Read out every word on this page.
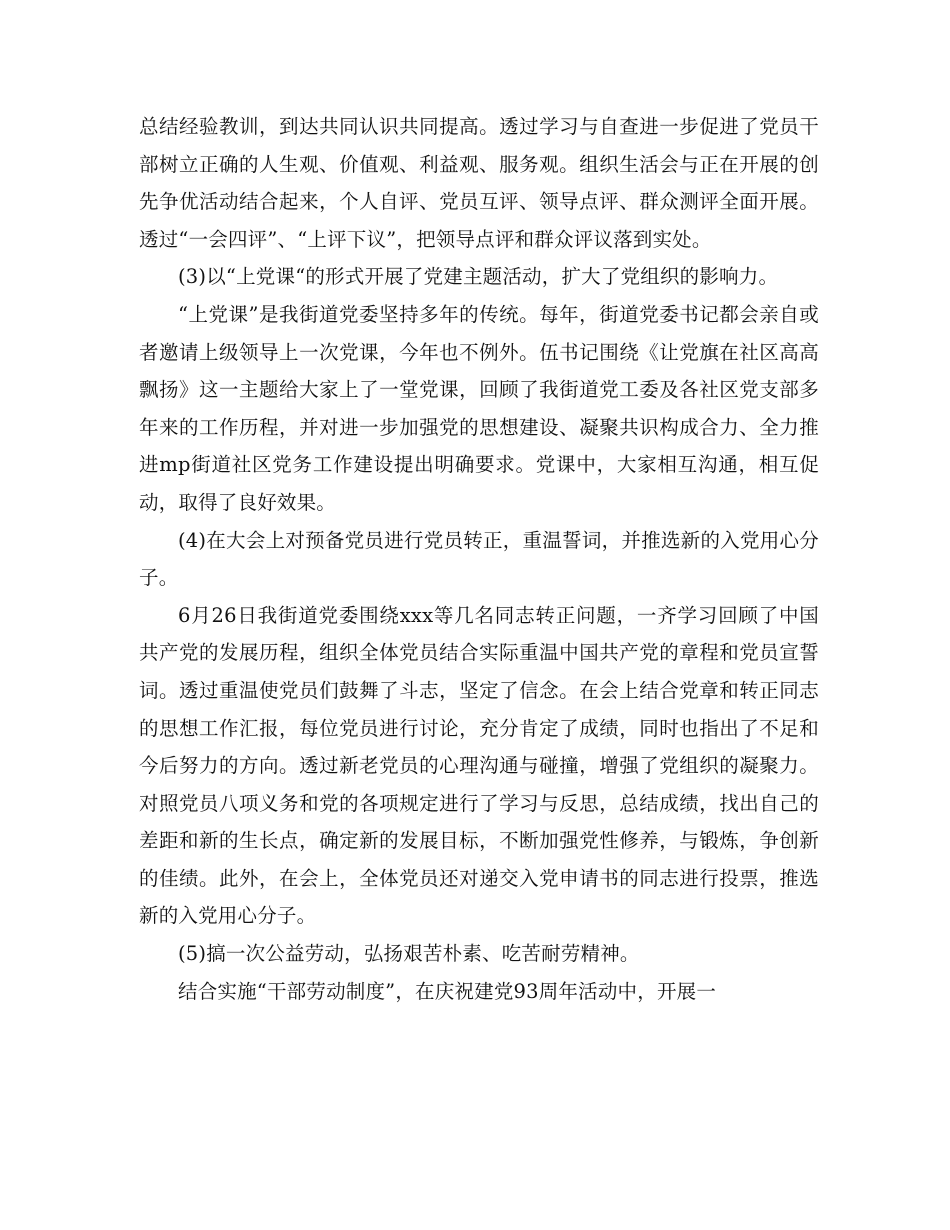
总结经验教训，到达共同认识共同提高。透过学习与自查进一步促进了党员干部树立正确的人生观、价值观、利益观、服务观。组织生活会与正在开展的创先争优活动结合起来，个人自评、党员互评、领导点评、群众测评全面开展。透过“一会四评”、“上评下议”，把领导点评和群众评议落到实处。

(3)以“上党课“的形式开展了党建主题活动，扩大了党组织的影响力。

“上党课”是我街道党委坚持多年的传统。每年，街道党委书记都会亲自或者邀请上级领导上一次党课，今年也不例外。伍书记围绕《让党旗在社区高高飘扬》这一主题给大家上了一堂党课，回顾了我街道党工委及各社区党支部多年来的工作历程，并对进一步加强党的思想建设、凝聚共识构成合力、全力推进mp街道社区党务工作建设提出明确要求。党课中，大家相互沟通，相互促动，取得了良好效果。

(4)在大会上对预备党员进行党员转正，重温誓词，并推选新的入党用心分子。

6月26日我街道党委围绕xxx等几名同志转正问题，一齐学习回顾了中国共产党的发展历程，组织全体党员结合实际重温中国共产党的章程和党员宣誓词。透过重温使党员们鼓舞了斗志，坚定了信念。在会上结合党章和转正同志的思想工作汇报，每位党员进行讨论，充分肯定了成绩，同时也指出了不足和今后努力的方向。透过新老党员的心理沟通与碰撞，增强了党组织的凝聚力。对照党员八项义务和党的各项规定进行了学习与反思，总结成绩，找出自己的差距和新的生长点，确定新的发展目标，不断加强党性修养，与锻炼，争创新的佳绩。此外，在会上，全体党员还对递交入党申请书的同志进行投票，推选新的入党用心分子。

(5)搞一次公益劳动，弘扬艰苦朴素、吃苦耐劳精神。

结合实施“干部劳动制度”，在庆祝建党93周年活动中，开展一
